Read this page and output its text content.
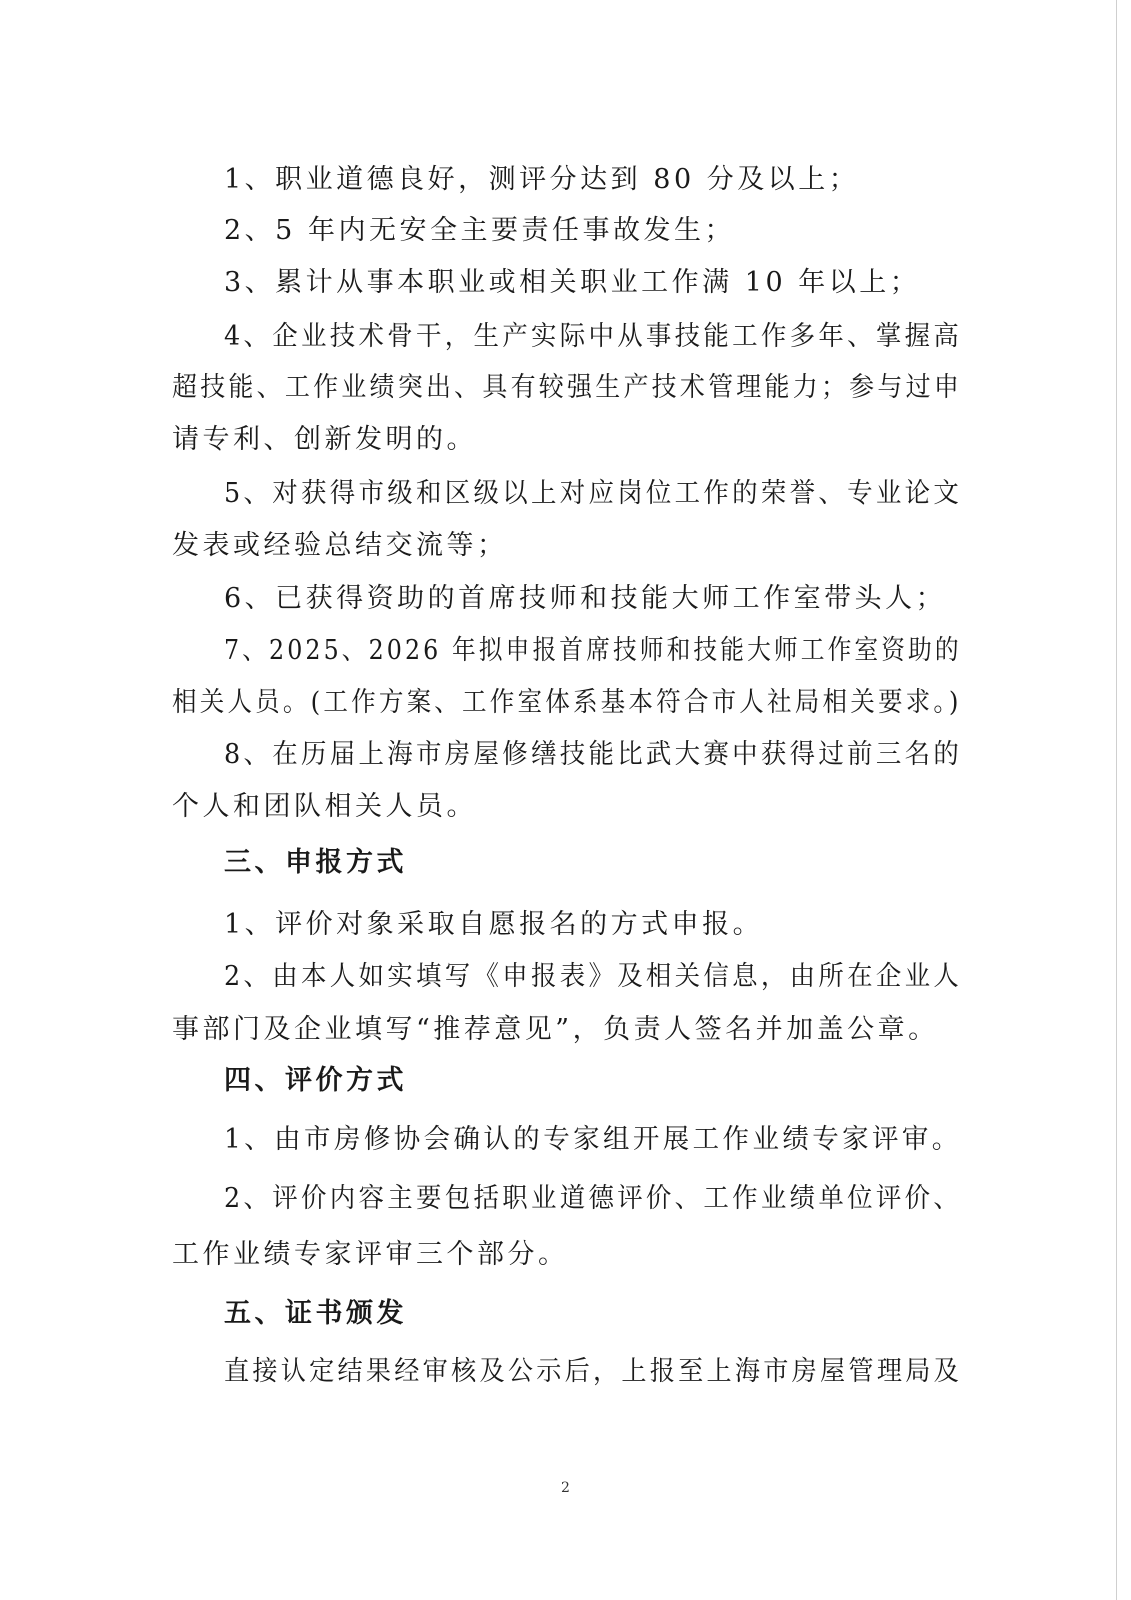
1、职业道德良好，测评分达到 80 分及以上；
2、5 年内无安全主要责任事故发生；
3、累计从事本职业或相关职业工作满 10 年以上；
4、企业技术骨干，生产实际中从事技能工作多年、掌握高
超技能、工作业绩突出、具有较强生产技术管理能力；参与过申
请专利、创新发明的。
5、对获得市级和区级以上对应岗位工作的荣誉、专业论文
发表或经验总结交流等；
6、已获得资助的首席技师和技能大师工作室带头人；
7、2025、2026 年拟申报首席技师和技能大师工作室资助的
相关人员。(工作方案、工作室体系基本符合市人社局相关要求。)
8、在历届上海市房屋修缮技能比武大赛中获得过前三名的
个人和团队相关人员。
三、申报方式
1、评价对象采取自愿报名的方式申报。
2、由本人如实填写《申报表》及相关信息，由所在企业人
事部门及企业填写“推荐意见”，负责人签名并加盖公章。
四、评价方式
1、由市房修协会确认的专家组开展工作业绩专家评审。
2、评价内容主要包括职业道德评价、工作业绩单位评价、
工作业绩专家评审三个部分。
五、证书颁发
直接认定结果经审核及公示后，上报至上海市房屋管理局及
2
